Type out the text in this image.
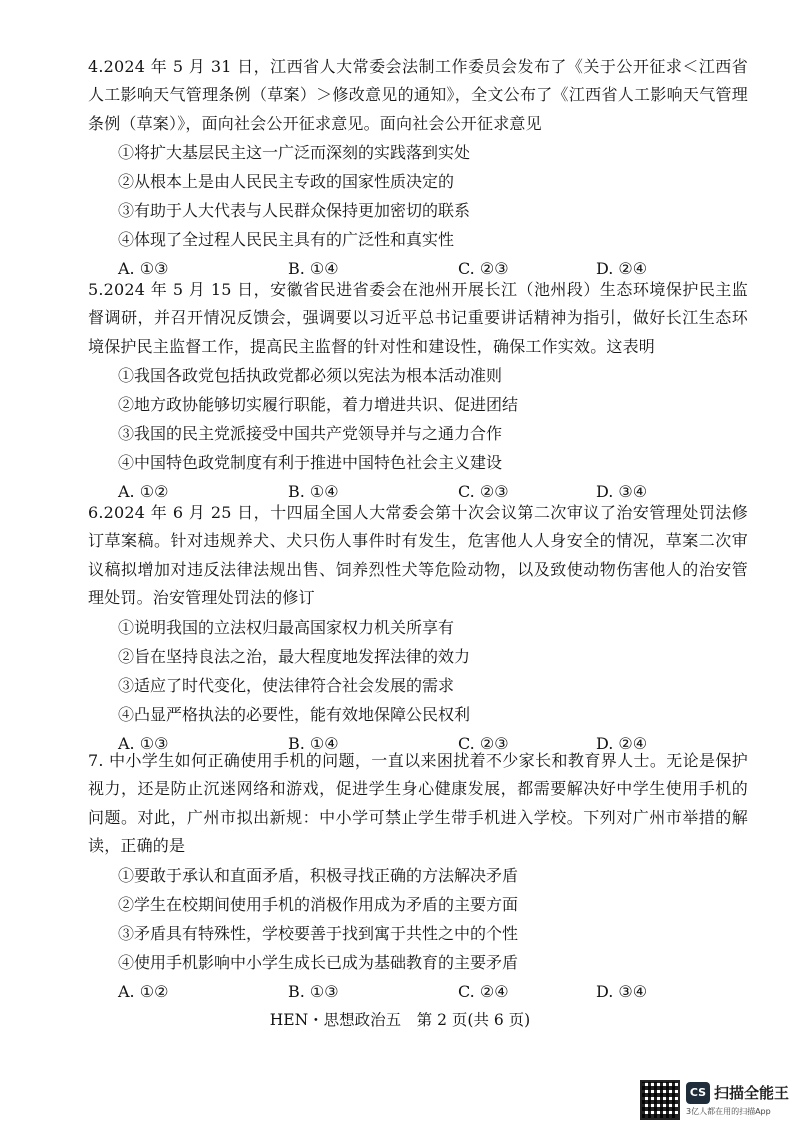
4.2024 年 5 月 31 日，江西省人大常委会法制工作委员会发布了《关于公开征求＜江西省人工影响天气管理条例（草案）＞修改意见的通知》，全文公布了《江西省人工影响天气管理条例（草案）》，面向社会公开征求意见。面向社会公开征求意见
①将扩大基层民主这一广泛而深刻的实践落到实处
②从根本上是由人民民主专政的国家性质决定的
③有助于人大代表与人民群众保持更加密切的联系
④体现了全过程人民民主具有的广泛性和真实性
A. ①③	B. ①④	C. ②③	D. ②④
5.2024 年 5 月 15 日，安徽省民进省委会在池州开展长江（池州段）生态环境保护民主监督调研，并召开情况反馈会，强调要以习近平总书记重要讲话精神为指引，做好长江生态环境保护民主监督工作，提高民主监督的针对性和建设性，确保工作实效。这表明
①我国各政党包括执政党都必须以宪法为根本活动准则
②地方政协能够切实履行职能，着力增进共识、促进团结
③我国的民主党派接受中国共产党领导并与之通力合作
④中国特色政党制度有利于推进中国特色社会主义建设
A. ①②	B. ①④	C. ②③	D. ③④
6.2024 年 6 月 25 日，十四届全国人大常委会第十次会议第二次审议了治安管理处罚法修订草案稿。针对违规养犬、犬只伤人事件时有发生，危害他人人身安全的情况，草案二次审议稿拟增加对违反法律法规出售、饲养烈性犬等危险动物，以及致使动物伤害他人的治安管理处罚。治安管理处罚法的修订
①说明我国的立法权归最高国家权力机关所享有
②旨在坚持良法之治，最大程度地发挥法律的效力
③适应了时代变化，使法律符合社会发展的需求
④凸显严格执法的必要性，能有效地保障公民权利
A. ①③	B. ①④	C. ②③	D. ②④
7. 中小学生如何正确使用手机的问题，一直以来困扰着不少家长和教育界人士。无论是保护视力，还是防止沉迷网络和游戏，促进学生身心健康发展，都需要解决好中学生使用手机的问题。对此，广州市拟出新规：中小学可禁止学生带手机进入学校。下列对广州市举措的解读，正确的是
①要敢于承认和直面矛盾，积极寻找正确的方法解决矛盾
②学生在校期间使用手机的消极作用成为矛盾的主要方面
③矛盾具有特殊性，学校要善于找到寓于共性之中的个性
④使用手机影响中小学生成长已成为基础教育的主要矛盾
A. ①②	B. ①③	C. ②④	D. ③④
HEN・思想政治五　第 2 页(共 6 页)
CS 扫描全能王
3亿人都在用的扫描App
